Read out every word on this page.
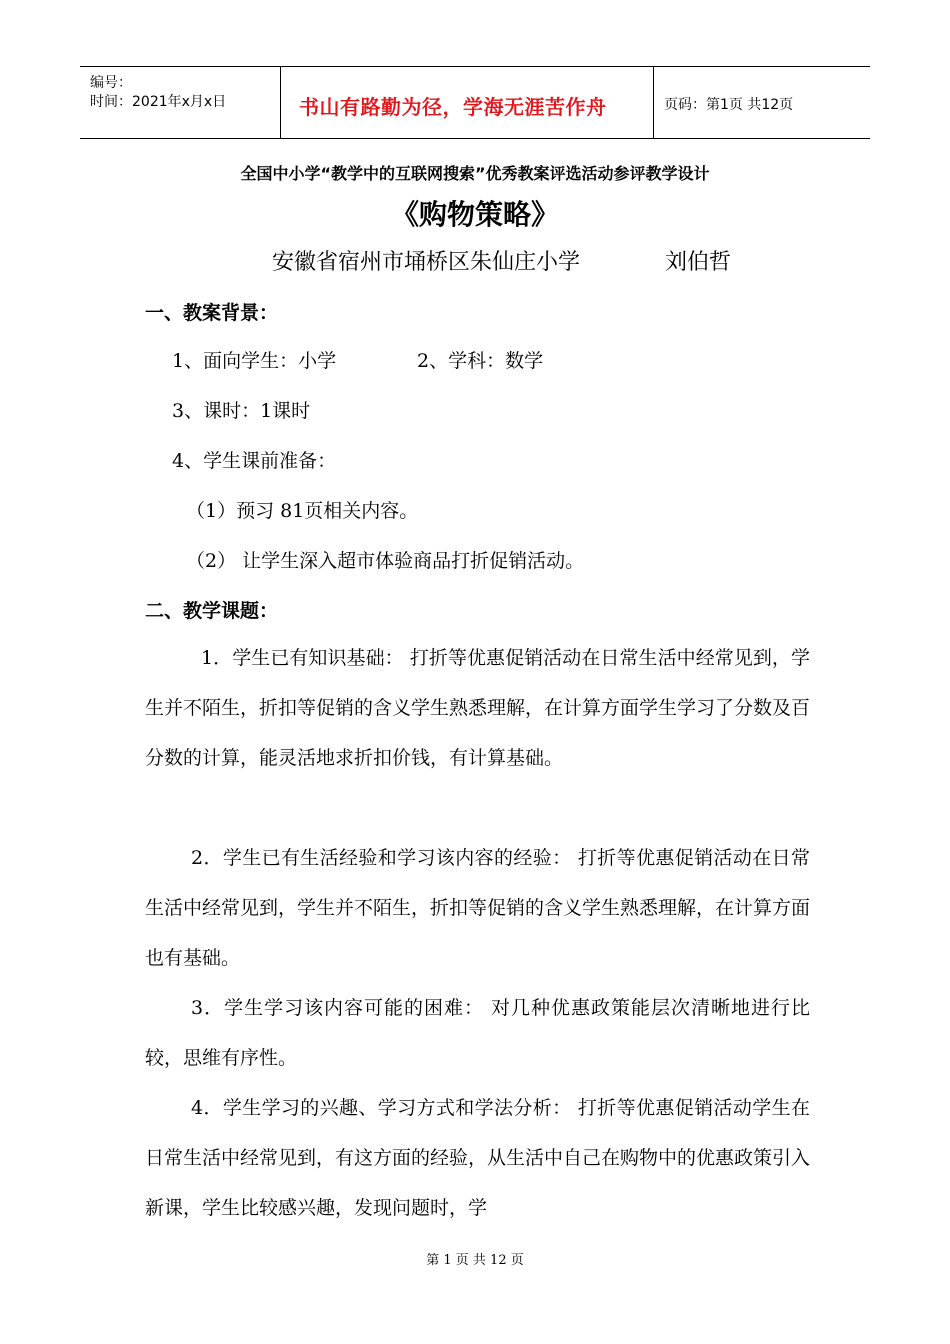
编号：
时间：2021年x月x日	书山有路勤为径，学海无涯苦作舟	页码：第1页 共12页
全国中小学“教学中的互联网搜索”优秀教案评选活动参评教学设计
《购物策略》
安徽省宿州市埇桥区朱仙庄小学	刘伯哲
一、教案背景：
1、面向学生：小学	2、学科：数学
3、课时：1课时
4、学生课前准备：
（1）预习 81页相关内容。
（2） 让学生深入超市体验商品打折促销活动。
二、教学课题：
1．学生已有知识基础： 打折等优惠促销活动在日常生活中经常见到，学生并不陌生，折扣等促销的含义学生熟悉理解，在计算方面学生学习了分数及百分数的计算，能灵活地求折扣价钱，有计算基础。
2．学生已有生活经验和学习该内容的经验： 打折等优惠促销活动在日常生活中经常见到，学生并不陌生，折扣等促销的含义学生熟悉理解，在计算方面也有基础。
3．学生学习该内容可能的困难： 对几种优惠政策能层次清晰地进行比较，思维有序性。
4．学生学习的兴趣、学习方式和学法分析： 打折等优惠促销活动学生在日常生活中经常见到，有这方面的经验，从生活中自己在购物中的优惠政策引入新课，学生比较感兴趣，发现问题时，学
第 1 页 共 12 页
